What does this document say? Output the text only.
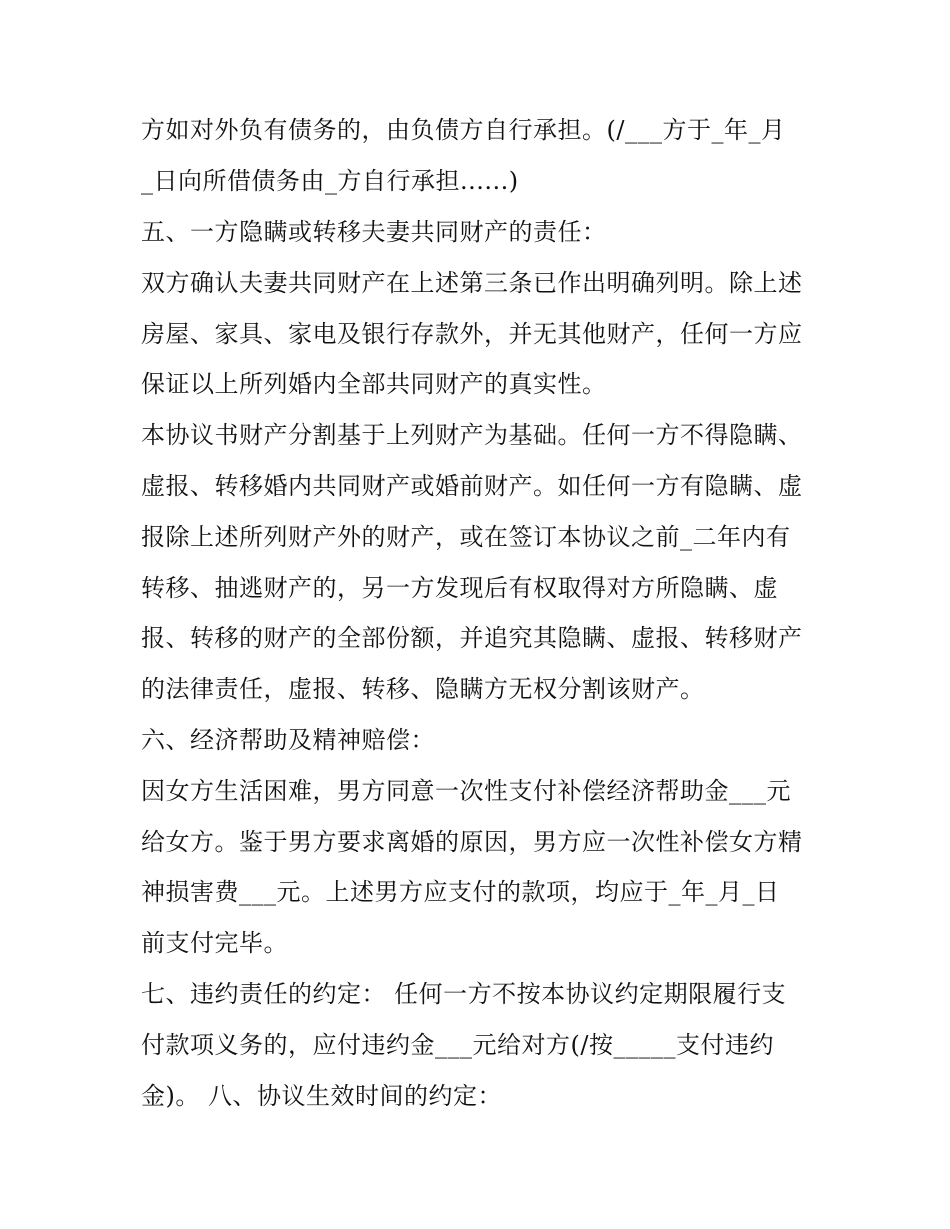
方如对外负有债务的，由负债方自行承担。(/___方于_年_月
_日向所借债务由_方自行承担......)
五、一方隐瞒或转移夫妻共同财产的责任：
双方确认夫妻共同财产在上述第三条已作出明确列明。除上述
房屋、家具、家电及银行存款外，并无其他财产，任何一方应
保证以上所列婚内全部共同财产的真实性。
本协议书财产分割基于上列财产为基础。任何一方不得隐瞒、
虚报、转移婚内共同财产或婚前财产。如任何一方有隐瞒、虚
报除上述所列财产外的财产，或在签订本协议之前_二年内有
转移、抽逃财产的，另一方发现后有权取得对方所隐瞒、虚
报、转移的财产的全部份额，并追究其隐瞒、虚报、转移财产
的法律责任，虚报、转移、隐瞒方无权分割该财产。
六、经济帮助及精神赔偿：
因女方生活困难，男方同意一次性支付补偿经济帮助金___元
给女方。鉴于男方要求离婚的原因，男方应一次性补偿女方精
神损害费___元。上述男方应支付的款项，均应于_年_月_日
前支付完毕。
七、违约责任的约定： 任何一方不按本协议约定期限履行支
付款项义务的，应付违约金___元给对方(/按_____支付违约
金)。 八、协议生效时间的约定：
